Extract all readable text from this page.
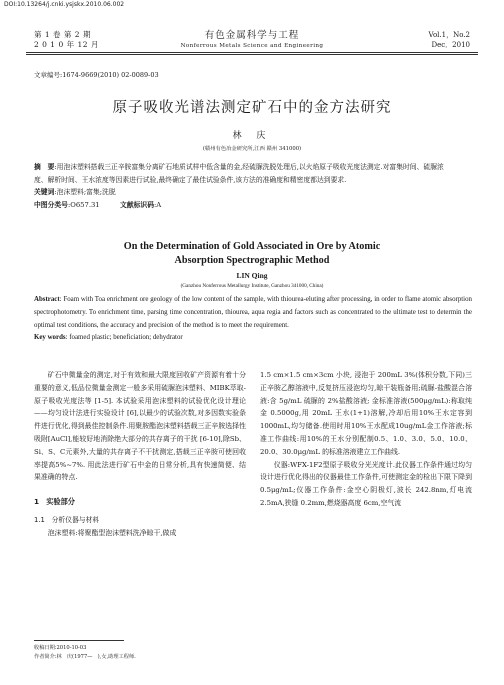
DOI:10.13264/j.cnki.ysjskx.2010.06.002
第 1 卷 第 2 期
2 0 1 0 年 12 月
有色金属科学与工程
Nonferrous Metals Science and Engineering
Vol.1，No.2
Dec．2010
文章编号:1674-9669(2010) 02-0089-03
原子吸收光谱法测定矿石中的金方法研究
林 庆
(赣州有色冶金研究所,江西 赣州 341000)

摘　要:用泡沫塑料搭载三正辛胺富集分离矿石地质试样中低含量的金,经硫脲洗脱处理后,以火焰原子吸收光度法测定.对富集时间、硫脲浓度、解析时间、王水浓度等因素进行试验,最终确定了最佳试验条件,该方法的准确度和精密度都达到要求.

关键词:泡沫塑料;富集;洗脱

中图分类号:O657.31　　　	文献标识码:A

On the Determination of Gold Associated in Ore by Atomic
Absorption Spectrographic Method
LIN Qing
(Ganzhou Nonferrous Metallurgy Institute, Ganzhou 341000, China)

Abstract: Foam with Toa enrichment ore geology of the low content of the sample, with thiourea-eluting after processing, in order to flame atomic absorption spectrophotometry. To enrichment time, parsing time concentration, thiourea, aqua regia and factors such as concentrated to the ultimate test to determin the optimal test conditions, the accuracy and precision of the method is to meet the requirement.

Key words: foamed plastic; beneficiation; dehydrator

矿石中微量金的测定,对于有效和最大限度回收矿产资源有着十分重要的意义,低品位微量金测定一般多采用硫脲泡沫塑料、MIBK萃取-原子吸收光度法等 [1-5]. 本试验采用泡沫塑料的试验优化设计理论——均匀设计法进行实验设计 [6],以最少的试验次数,对多因数实验条件进行优化,得到最佳控制条件.用聚胺酯泡沫塑料搭载三正辛胺选择性吸附[AuCl],能较好地消除绝大部分的共存离子的干扰 [6-10],除Sb、Si、S、C元素外,大量的共存离子不干扰测定,搭载三正辛胺可使回收率提高5%~7%. 用此法进行矿石中金的日常分析,具有快速简便、结果准确的特点.

1　实验部分

1.1　分析仪器与材料

泡沫塑料:将聚酯型泡沫塑料洗净晾干,做成

1.5 cm×1.5 cm×3cm 小块, 浸泡于 200mL 3%(体积分数,下同)三正辛胺乙醇溶液中,反复挤压浸泡均匀,晾干装瓶备用;硫脲-盐酸混合溶液:含 5g/mL 硫脲的 2%盐酸溶液; 金标准溶液(500μg/mL):称取纯金 0.5000g,用 20mL 王水(1+1)溶解,冷却后用10%王水定容到1000mL,均匀储备.使用时用10%王水配成10ug/mL金工作溶液;标准工作曲线:用10%的王水分别配制0.5、1.0、3.0、5.0、10.0、20.0、30.0μg/mL 的标准溶液建立工作曲线.

仪器:WFX-1F2型原子吸收分光光度计.此仪器工作条件通过均匀设计进行优化得出的仪器最佳工作条件,可使测定金的检出下限下降到 0.5μg/mL;仪器工作条件:金空心阴极灯,波长 242.8nm,灯电流 2.5mA,狭缝 0.2mm,燃烧器高度 6cm,空气流

收稿日期:2010-10-03
作者简介:林　庆(1977—　),女,助理工程师.
